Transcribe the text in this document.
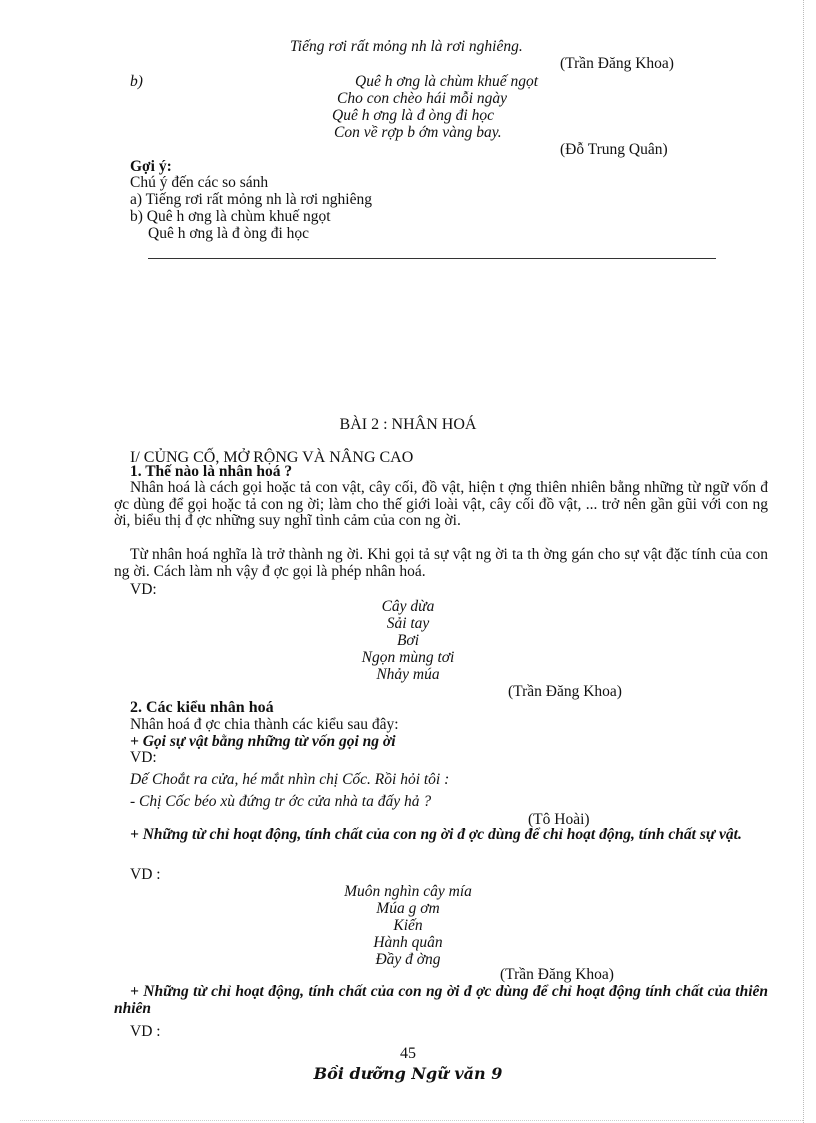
Tiếng rơi rất mỏng nh là rơi nghiêng.
(Trần Đăng Khoa)
b)	Quê h ơng là chùm khuế ngọt
Cho con chèo hái mỗi ngày
Quê h ơng là đ òng đi học
Con về rợp b ớm vàng bay.
(Đỗ Trung Quân)
Gợi ý:
Chú ý đến các so sánh
a) Tiếng rơi rất mỏng nh là rơi nghiêng
b) Quê h ơng là chùm khuế ngọt
Quê h ơng là đ òng đi học
BÀI 2 : NHÂN HOÁ
I/ CỦNG CỐ, MỞ RỘNG VÀ NÂNG CAO
1. Thế nào là nhân hoá ?
Nhân hoá là cách gọi hoặc tả con vật, cây cối, đồ vật, hiện t ợng thiên nhiên bằng những từ ngữ vốn đ ợc dùng để gọi hoặc tả con ng ời; làm cho thế giới loài vật, cây cối đồ vật, ... trở nên gần gũi với con ng ời, biểu thị đ ợc những suy nghĩ tình cảm của con ng ời.
Từ nhân hoá nghĩa là trở thành ng ời. Khi gọi tả sự vật ng ời ta th ờng gán cho sự vật đặc tính của con ng ời. Cách làm nh vậy đ ợc gọi là phép nhân hoá.
VD:
Cây dừa
Sải tay
Bơi
Ngọn mùng tơi
Nhảy múa
(Trần Đăng Khoa)
2. Các kiểu nhân hoá
Nhân hoá đ ợc chia thành các kiểu sau đây:
+ Gọi sự vật bằng những từ vốn gọi ng ời
VD:
Dế Choắt ra cửa, hé mắt nhìn chị Cốc. Rồi hỏi tôi :
- Chị Cốc béo xù đứng tr ớc cửa nhà ta đấy hả ?
(Tô Hoài)
+ Những từ chỉ hoạt động, tính chất của con ng ời đ ợc dùng để chỉ hoạt động, tính chất sự vật.
VD :
Muôn nghìn cây mía
Múa g ơm
Kiến
Hành quân
Đầy đ ờng
(Trần Đăng Khoa)
+ Những từ chỉ hoạt động, tính chất của con ng ời đ ợc dùng để chỉ hoạt động tính chất của thiên nhiên
VD :
45
Bồi dưỡng Ngữ văn 9
